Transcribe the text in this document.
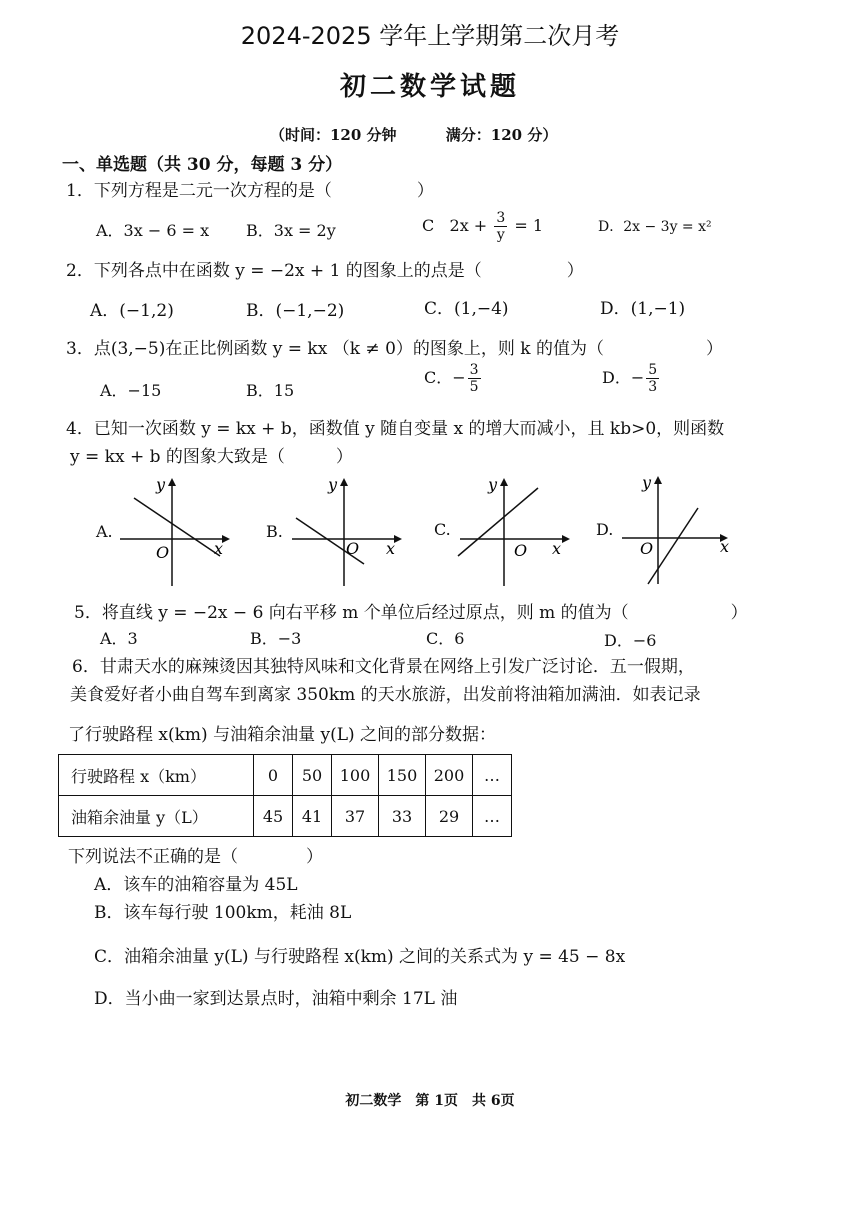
2024-2025 学年上学期第二次月考
初二数学试题
（时间：120 分钟	满分：120 分）
一、单选题（共 30 分，每题 3 分）
1．下列方程是二元一次方程的是（　　　　　）
A．3x − 6 = x B．3x = 2y	C $2x + \frac{3}{y} = 1$	D．2x − 3y = x²
2．下列各点中在函数 y = −2x + 1 的图象上的点是（　　　　　）
A．(−1,2)	B．(−1,−2)	C．(1,−4)	D．(1,−1)
3．点(3,−5)在正比例函数 y = kx （k ≠ 0）的图象上，则 k 的值为（　　　　　　）
A．−15	B．15
C．− $\frac{3}{5}$	D．− $\frac{5}{3}$
4．已知一次函数 y = kx + b，函数值 y 随自变量 x 的增大而减小，且 kb>0，则函数
y = kx + b 的图象大致是（　　　）
A.
O	x
y
B.
O x
y
C.
O x
y
D.
O	x
y
5．将直线 y = −2x − 6 向右平移 m 个单位后经过原点，则 m 的值为（　　　　　　）
A．3	B．−3	C．6	D．−6
6．甘肃天水的麻辣烫因其独特风味和文化背景在网络上引发广泛讨论．五一假期，
美食爱好者小曲自驾车到离家 350km 的天水旅游，出发前将油箱加满油．如表记录
了行驶路程 x(km) 与油箱余油量 y(L) 之间的部分数据：
行驶路程 x（km）	0	50	100	150	200	…
油箱余油量 y（L）	45	41	37	33	29	…
下列说法不正确的是（　　　　）
A．该车的油箱容量为 45L
B．该车每行驶 100km，耗油 8L
C．油箱余油量 y(L) 与行驶路程 x(km) 之间的关系式为 y = 45 − 8x
D．当小曲一家到达景点时，油箱中剩余 17L 油
初二数学　第 1页　共 6页
